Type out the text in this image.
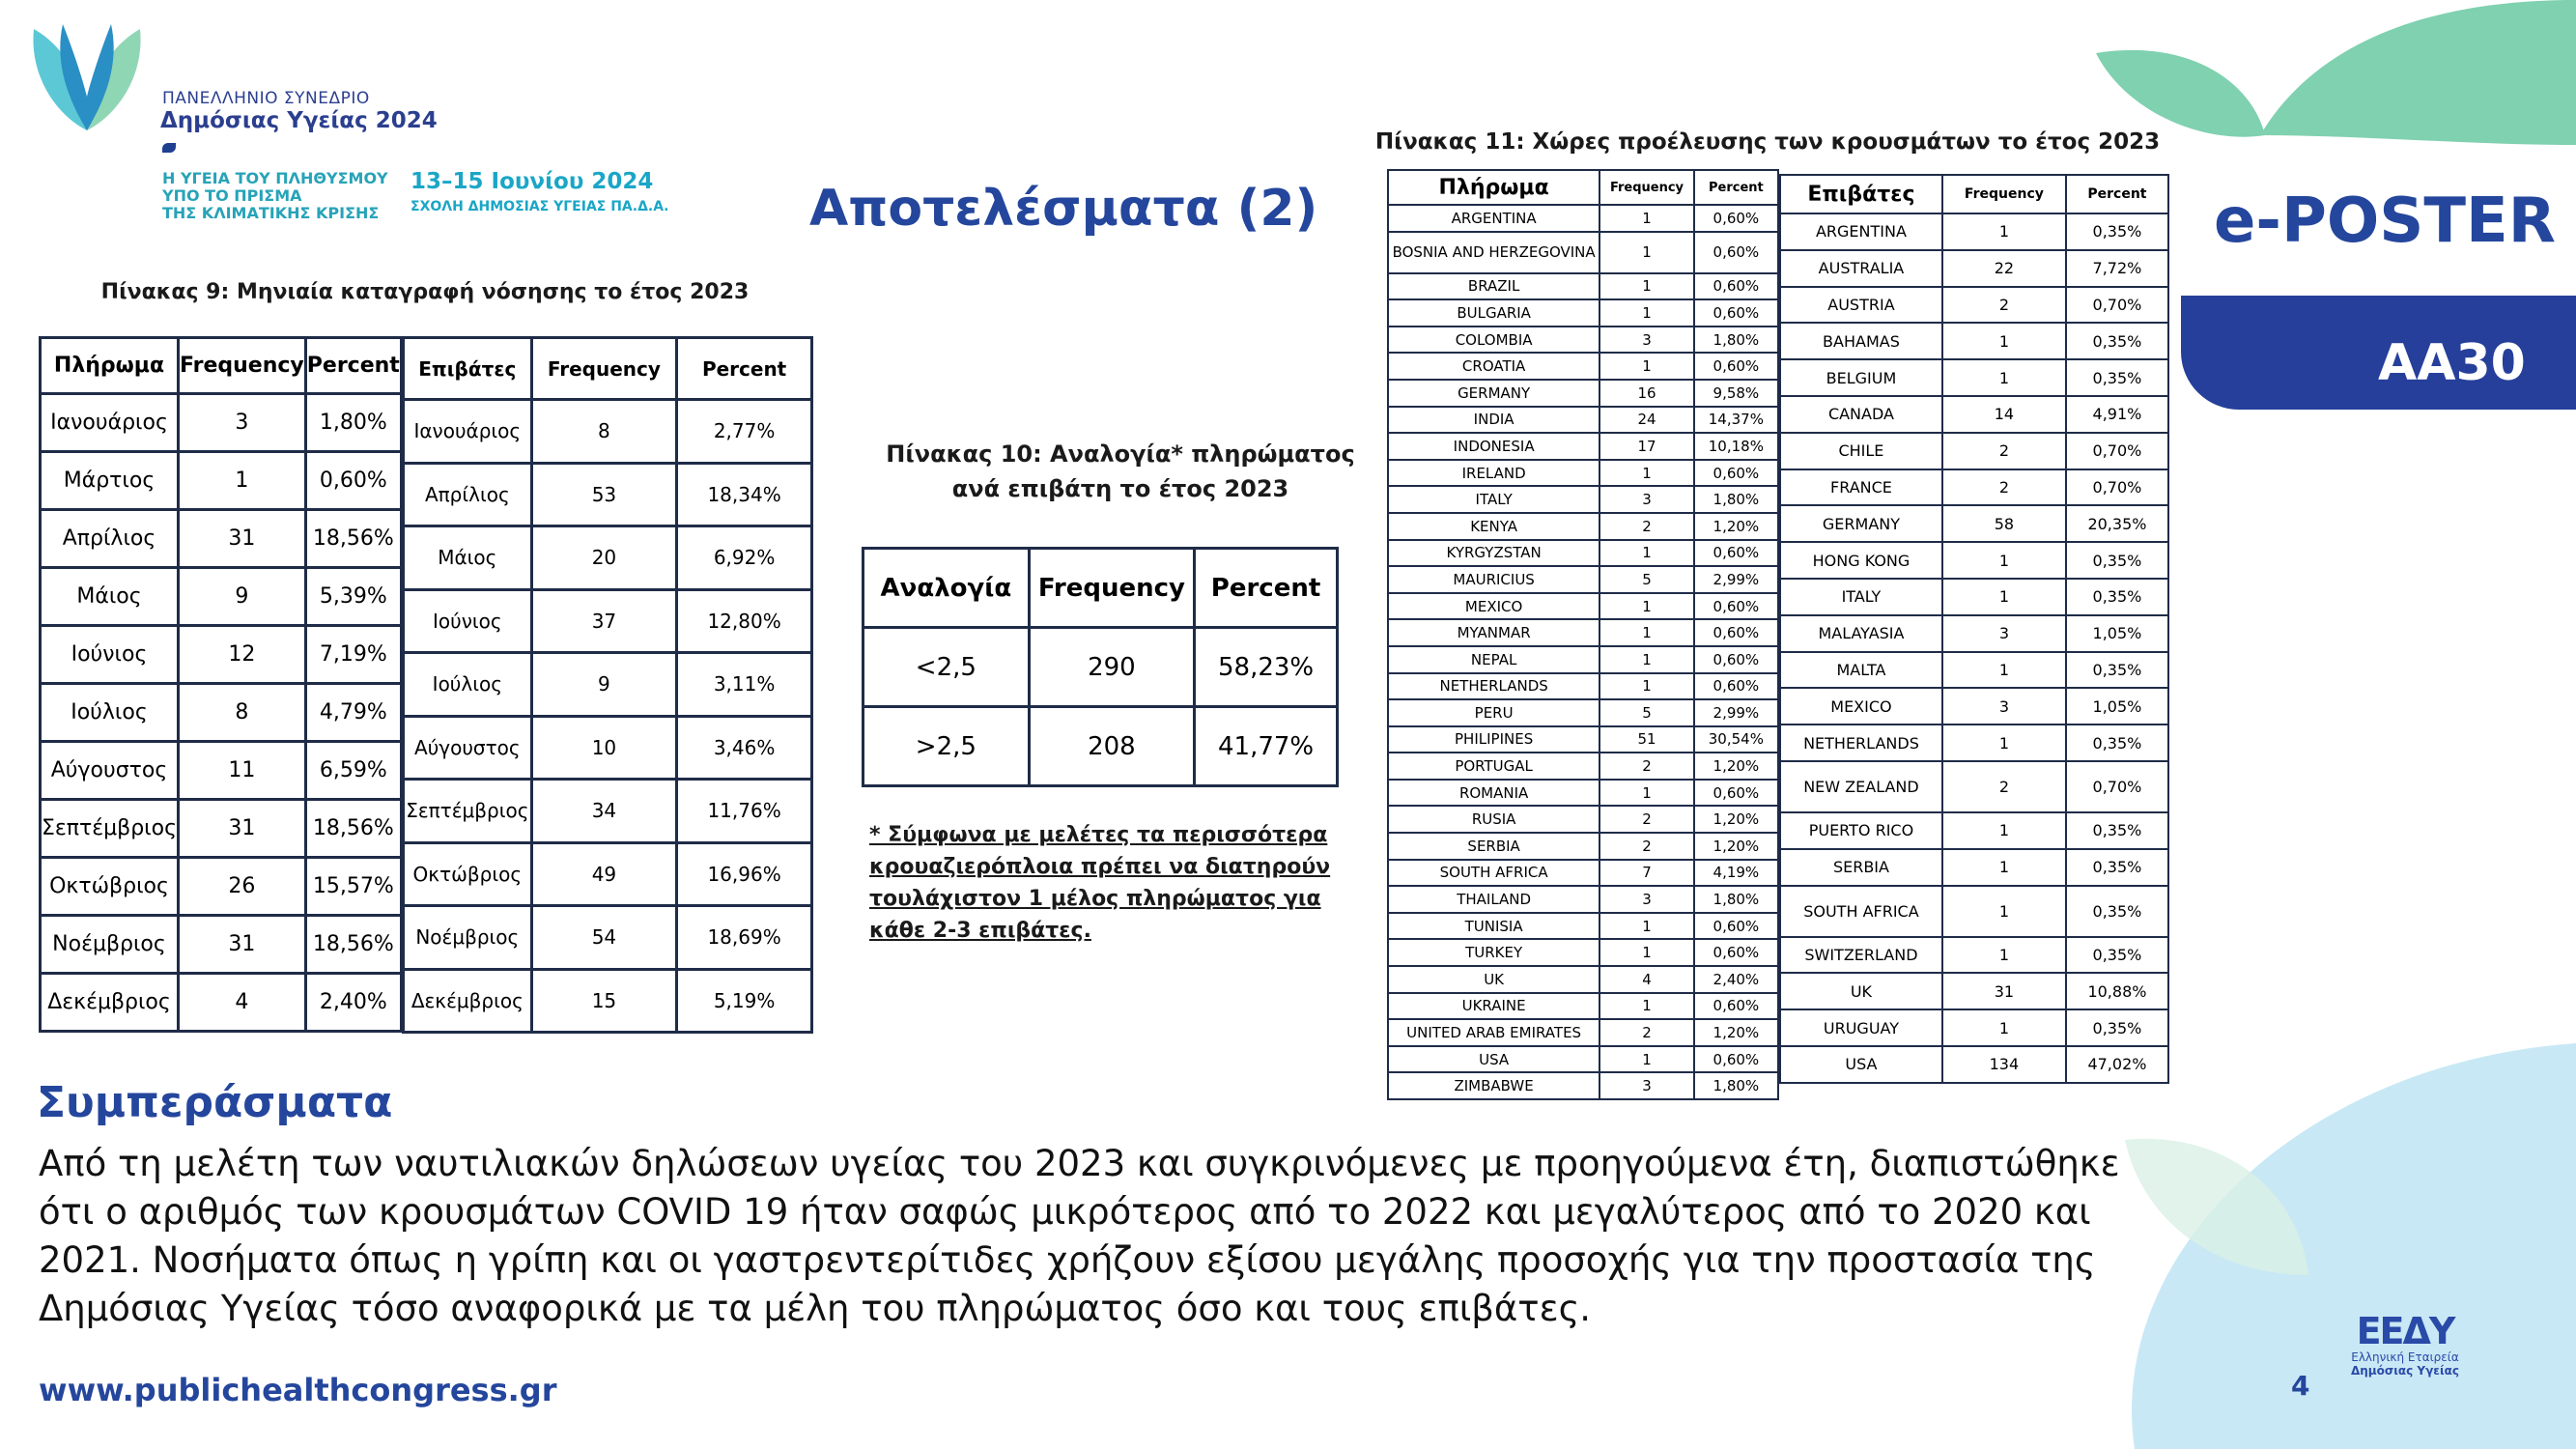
ΠΑΝΕΛΛΗΝΙΟ ΣΥΝΕΔΡΙΟ
Δημόσιας Υγείας 2024
Η ΥΓΕΙΑ ΤΟΥ ΠΛΗΘΥΣΜΟΥ
ΥΠΟ ΤΟ ΠΡΙΣΜΑ
ΤΗΣ ΚΛΙΜΑΤΙΚΗΣ ΚΡΙΣΗΣ
13–15 Ιουνίου 2024
ΣΧΟΛΗ ΔΗΜΟΣΙΑΣ ΥΓΕΙΑΣ ΠΑ.Δ.Α.	Αποτελέσματα (2)	e-POSTER
AA30
Πίνακας 9: Μηνιαία καταγραφή νόσησης το έτος 2023
Πλήρωμα	Frequency	Percent
Ιανουάριος	3	1,80%
Μάρτιος	1	0,60%
Απρίλιος	31	18,56%
Μάιος	9	5,39%
Ιούνιος	12	7,19%
Ιούλιος	8	4,79%
Αύγουστος	11	6,59%
Σεπτέμβριος	31	18,56%
Οκτώβριος	26	15,57%
Νοέμβριος	31	18,56%
Δεκέμβριος	4	2,40%
Επιβάτες	Frequency	Percent
Ιανουάριος	8	2,77%
Απρίλιος	53	18,34%
Μάιος	20	6,92%
Ιούνιος	37	12,80%
Ιούλιος	9	3,11%
Αύγουστος	10	3,46%
Σεπτέμβριος	34	11,76%
Οκτώβριος	49	16,96%
Νοέμβριος	54	18,69%
Δεκέμβριος	15	5,19%
Πίνακας 10: Αναλογία* πληρώματος
ανά επιβάτη το έτος 2023
Αναλογία	Frequency	Percent
<2,5	290	58,23%
>2,5	208	41,77%
* Σύμφωνα με μελέτες τα περισσότερα κρουαζιερόπλοια πρέπει να διατηρούν τουλάχιστον 1 μέλος πληρώματος για κάθε 2-3 επιβάτες.
Πίνακας 11: Χώρες προέλευσης των κρουσμάτων το έτος 2023
Πλήρωμα	Frequency	Percent
ARGENTINA	1	0,60%
BOSNIA AND HERZEGOVINA	1	0,60%
BRAZIL	1	0,60%
BULGARIA	1	0,60%
COLOMBIA	3	1,80%
CROATIA	1	0,60%
GERMANY	16	9,58%
INDIA	24	14,37%
INDONESIA	17	10,18%
IRELAND	1	0,60%
ITALY	3	1,80%
KENYA	2	1,20%
KYRGYZSTAN	1	0,60%
MAURICIUS	5	2,99%
MEXICO	1	0,60%
MYANMAR	1	0,60%
NEPAL	1	0,60%
NETHERLANDS	1	0,60%
PERU	5	2,99%
PHILIPINES	51	30,54%
PORTUGAL	2	1,20%
ROMANIA	1	0,60%
RUSIA	2	1,20%
SERBIA	2	1,20%
SOUTH AFRICA	7	4,19%
THAILAND	3	1,80%
TUNISIA	1	0,60%
TURKEY	1	0,60%
UK	4	2,40%
UKRAINE	1	0,60%
UNITED ARAB EMIRATES	2	1,20%
USA	1	0,60%
ZIMBABWE	3	1,80%
Επιβάτες	Frequency	Percent
ARGENTINA	1	0,35%
AUSTRALIA	22	7,72%
AUSTRIA	2	0,70%
BAHAMAS	1	0,35%
BELGIUM	1	0,35%
CANADA	14	4,91%
CHILE	2	0,70%
FRANCE	2	0,70%
GERMANY	58	20,35%
HONG KONG	1	0,35%
ITALY	1	0,35%
MALAYASIA	3	1,05%
MALTA	1	0,35%
MEXICO	3	1,05%
NETHERLANDS	1	0,35%
NEW ZEALAND	2	0,70%
PUERTO RICO	1	0,35%
SERBIA	1	0,35%
SOUTH AFRICA	1	0,35%
SWITZERLAND	1	0,35%
UK	31	10,88%
URUGUAY	1	0,35%
USA	134	47,02%
Συμπεράσματα
Από τη μελέτη των ναυτιλιακών δηλώσεων υγείας του 2023 και συγκρινόμενες με προηγούμενα έτη, διαπιστώθηκε ότι ο αριθμός των κρουσμάτων COVID 19 ήταν σαφώς μικρότερος από το 2022 και μεγαλύτερος από το 2020 και 2021. Νοσήματα όπως η γρίπη και οι γαστρεντερίτιδες χρήζουν εξίσου μεγάλης προσοχής για την προστασία της Δημόσιας Υγείας τόσο αναφορικά με τα μέλη του πληρώματος όσο και τους επιβάτες.
www.publichealthcongress.gr	4
EEΔY
Ελληνική Εταιρεία
Δημόσιας Υγείας
